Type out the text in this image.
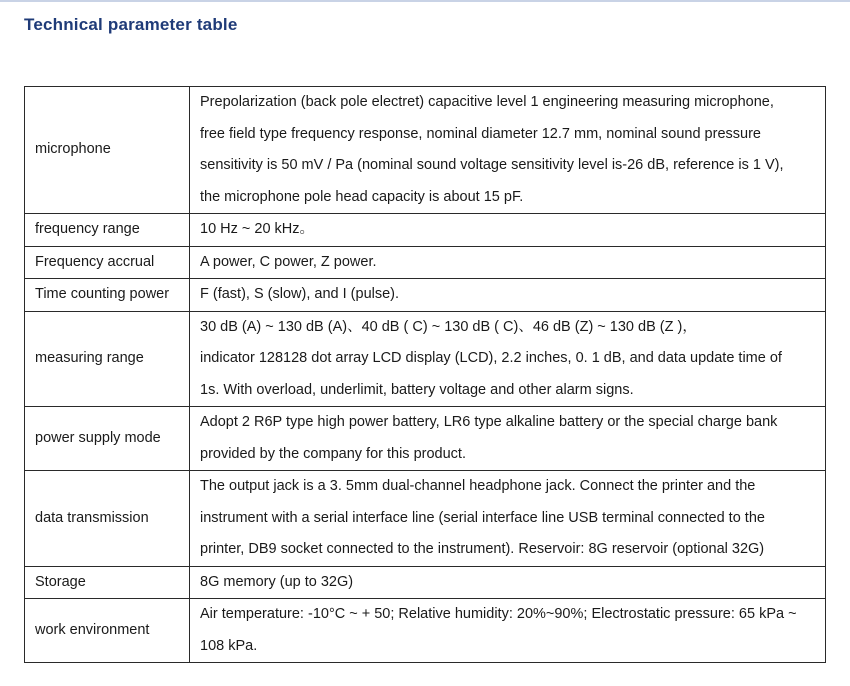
Technical parameter table
microphone	Prepolarization (back pole electret) capacitive level 1 engineering measuring microphone,
free field type frequency response, nominal diameter 12.7 mm, nominal sound pressure
sensitivity is 50 mV / Pa (nominal sound voltage sensitivity level is-26 dB, reference is 1 V),
the microphone pole head capacity is about 15 pF.

frequency range	10 Hz ~ 20 kHz。

Frequency accrual	A power, C power, Z power.

Time counting power	F (fast), S (slow), and I (pulse).

measuring range	30 dB (A) ~ 130 dB (A)、40 dB ( C) ~ 130 dB ( C)、46 dB (Z) ~ 130 dB (Z )，
indicator 128128 dot array LCD display (LCD), 2.2 inches, 0. 1 dB, and data update time of
1s. With overload, underlimit, battery voltage and other alarm signs.

power supply mode	Adopt 2 R6P type high power battery, LR6 type alkaline battery or the special charge bank
provided by the company for this product.

data transmission	The output jack is a 3. 5mm dual-channel headphone jack. Connect the printer and the
instrument with a serial interface line (serial interface line USB terminal connected to the
printer, DB9 socket connected to the instrument). Reservoir: 8G reservoir (optional 32G)

Storage	8G memory (up to 32G)

work environment	Air temperature: -10°C ~ + 50; Relative humidity: 20%~90%; Electrostatic pressure: 65 kPa ~
108 kPa.
